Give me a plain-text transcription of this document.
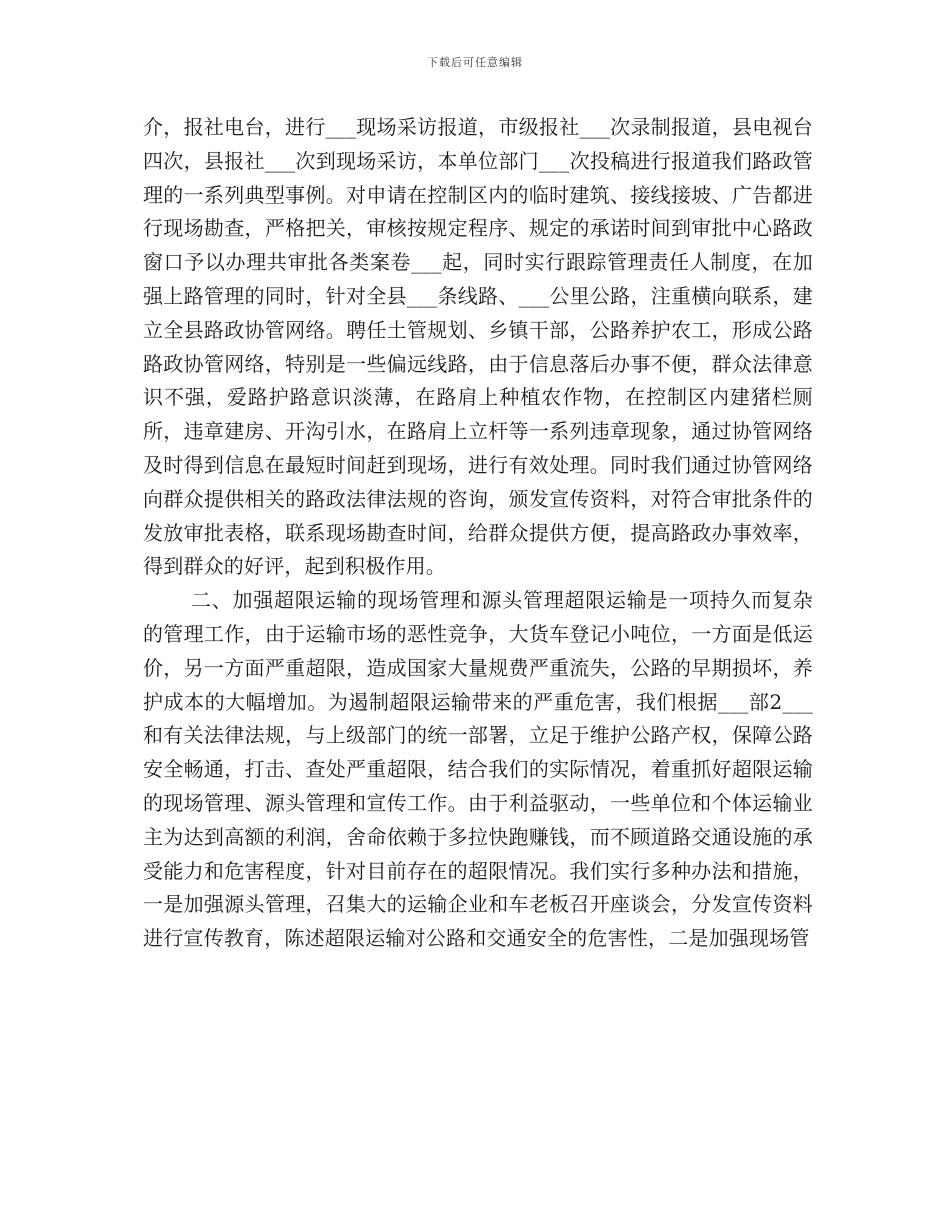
下载后可任意编辑

介，报社电台，进行___现场采访报道，市级报社___次录制报道，县电视台四次，县报社___次到现场采访，本单位部门___次投稿进行报道我们路政管理的一系列典型事例。对申请在控制区内的临时建筑、接线接坡、广告都进行现场勘查，严格把关，审核按规定程序、规定的承诺时间到审批中心路政窗口予以办理共审批各类案卷___起，同时实行跟踪管理责任人制度，在加强上路管理的同时，针对全县___条线路、___公里公路，注重横向联系，建立全县路政协管网络。聘任土管规划、乡镇干部，公路养护农工，形成公路路政协管网络，特别是一些偏远线路，由于信息落后办事不便，群众法律意识不强，爱路护路意识淡薄，在路肩上种植农作物，在控制区内建猪栏厕所，违章建房、开沟引水，在路肩上立杆等一系列违章现象，通过协管网络及时得到信息在最短时间赶到现场，进行有效处理。同时我们通过协管网络向群众提供相关的路政法律法规的咨询，颁发宣传资料，对符合审批条件的发放审批表格，联系现场勘查时间，给群众提供方便，提高路政办事效率，得到群众的好评，起到积极作用。

二、加强超限运输的现场管理和源头管理超限运输是一项持久而复杂的管理工作，由于运输市场的恶性竞争，大货车登记小吨位，一方面是低运价，另一方面严重超限，造成国家大量规费严重流失，公路的早期损坏，养护成本的大幅增加。为遏制超限运输带来的严重危害，我们根据___部2___和有关法律法规，与上级部门的统一部署，立足于维护公路产权，保障公路安全畅通，打击、查处严重超限，结合我们的实际情况，着重抓好超限运输的现场管理、源头管理和宣传工作。由于利益驱动，一些单位和个体运输业主为达到高额的利润，舍命依赖于多拉快跑赚钱，而不顾道路交通设施的承受能力和危害程度，针对目前存在的超限情况。我们实行多种办法和措施，一是加强源头管理，召集大的运输企业和车老板召开座谈会，分发宣传资料进行宣传教育，陈述超限运输对公路和交通安全的危害性，二是加强现场管
